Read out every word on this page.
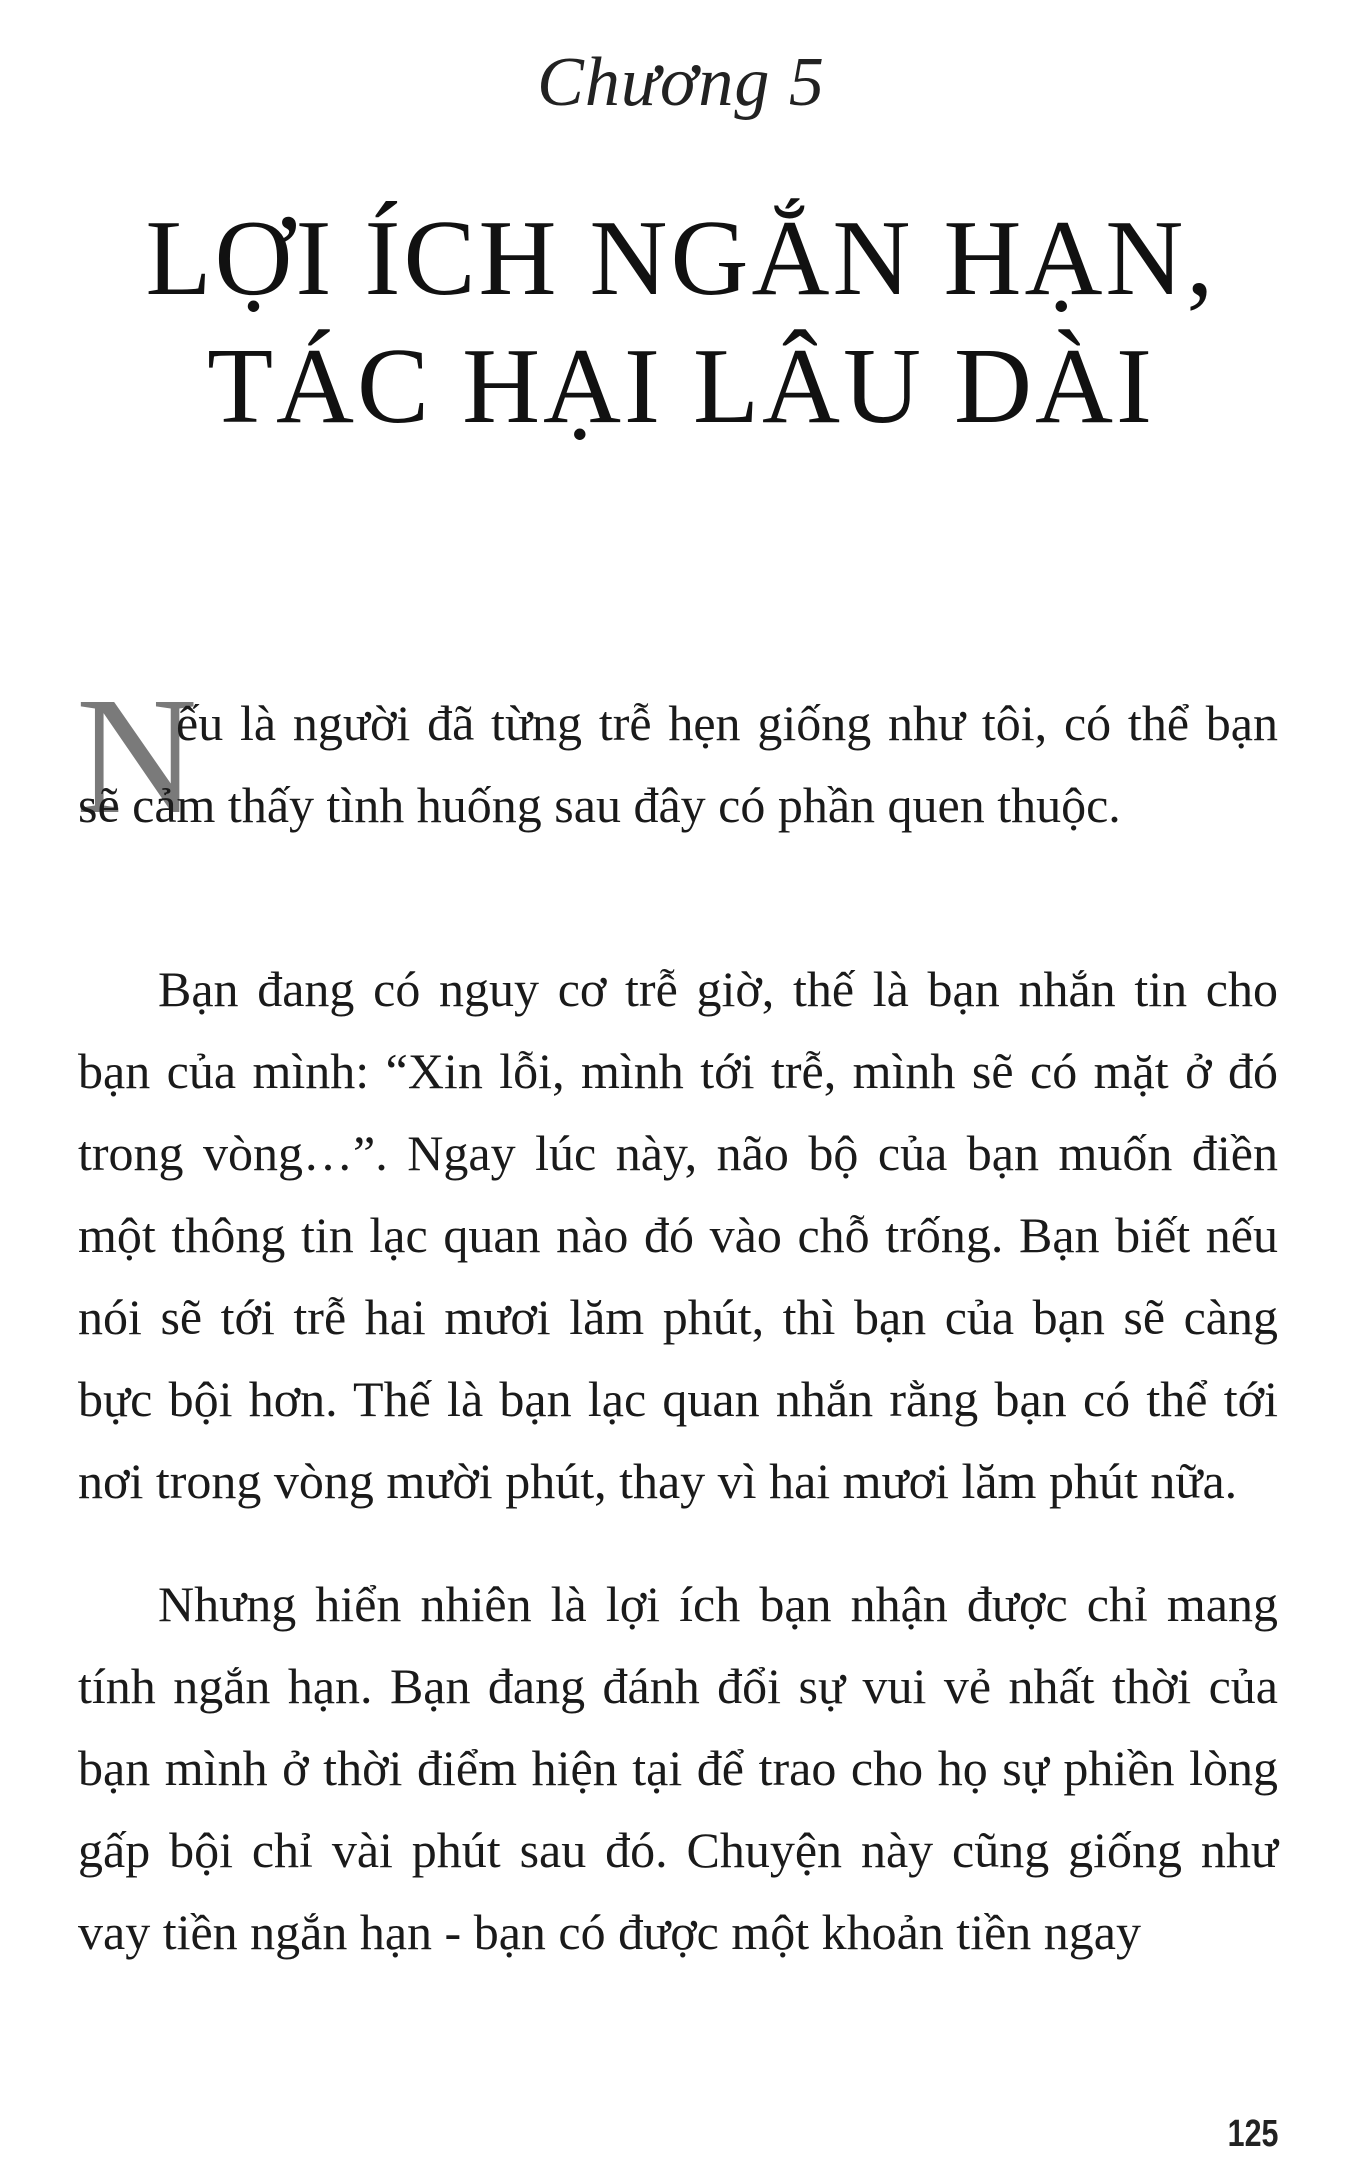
Chương 5
LỢI ÍCH NGẮN HẠN,
TÁC HẠI LÂU DÀI
N

ếu là người đã từng trễ hẹn giống như tôi, có thể bạn sẽ cảm thấy tình huống sau đây có phần quen thuộc.

Bạn đang có nguy cơ trễ giờ, thế là bạn nhắn tin cho bạn của mình: “Xin lỗi, mình tới trễ, mình sẽ có mặt ở đó trong vòng…”. Ngay lúc này, não bộ của bạn muốn điền một thông tin lạc quan nào đó vào chỗ trống. Bạn biết nếu nói sẽ tới trễ hai mươi lăm phút, thì bạn của bạn sẽ càng bực bội hơn. Thế là bạn lạc quan nhắn rằng bạn có thể tới nơi trong vòng mười phút, thay vì hai mươi lăm phút nữa.

Nhưng hiển nhiên là lợi ích bạn nhận được chỉ mang tính ngắn hạn. Bạn đang đánh đổi sự vui vẻ nhất thời của bạn mình ở thời điểm hiện tại để trao cho họ sự phiền lòng gấp bội chỉ vài phút sau đó. Chuyện này cũng giống như vay tiền ngắn hạn - bạn có được một khoản tiền ngay

125
